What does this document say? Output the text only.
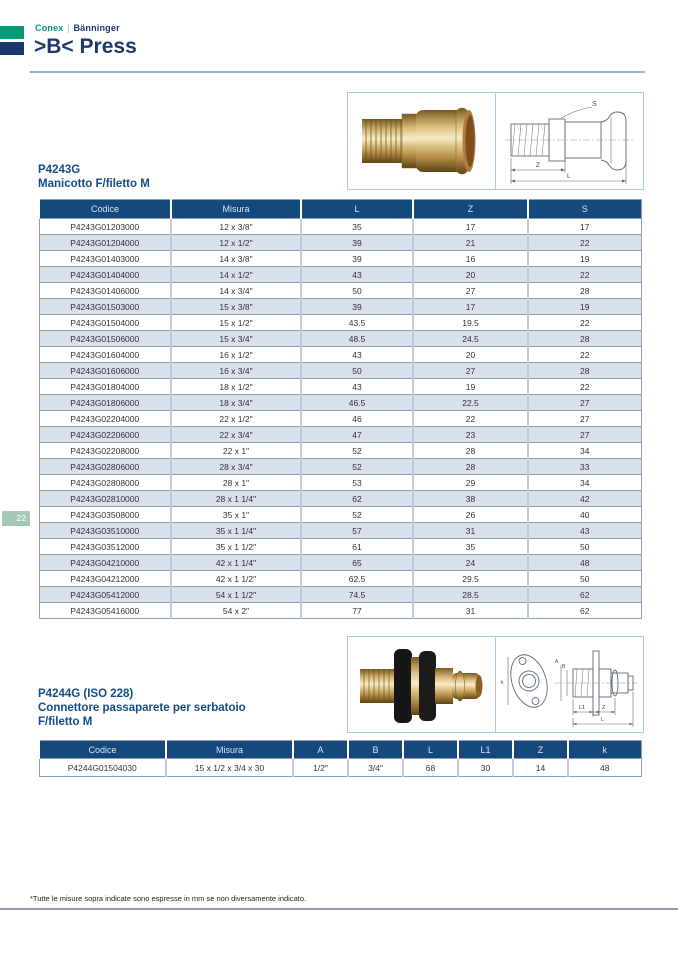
Conex | Bänninger
>B< Press
P4243G
Manicotto F/filetto M
S
Z
L
Codice	Misura	L	Z	S
P4243G01203000	12 x 3/8"	35	17	17
P4243G01204000	12 x 1/2"	39	21	22
P4243G01403000	14 x 3/8"	39	16	19
P4243G01404000	14 x 1/2"	43	20	22
P4243G01406000	14 x 3/4"	50	27	28
P4243G01503000	15 x 3/8"	39	17	19
P4243G01504000	15 x 1/2"	43.5	19.5	22
P4243G01506000	15 x 3/4"	48.5	24.5	28
P4243G01604000	16 x 1/2"	43	20	22
P4243G01606000	16 x 3/4"	50	27	28
P4243G01804000	18 x 1/2"	43	19	22
P4243G01806000	18 x 3/4"	46.5	22.5	27
P4243G02204000	22 x 1/2"	46	22	27
P4243G02206000	22 x 3/4"	47	23	27
P4243G02208000	22 x 1"	52	28	34
P4243G02806000	28 x 3/4"	52	28	33
P4243G02808000	28 x 1"	53	29	34
P4243G02810000	28 x 1 1/4"	62	38	42
P4243G03508000	35 x 1"	52	26	40
P4243G03510000	35 x 1 1/4"	57	31	43
P4243G03512000	35 x 1 1/2"	61	35	50
P4243G04210000	42 x 1 1/4"	65	24	48
P4243G04212000	42 x 1 1/2"	62.5	29.5	50
P4243G05412000	54 x 1 1/2"	74.5	28.5	62
P4243G05416000	54 x 2"	77	31	62
22
P4244G (ISO 228)
Connettore passaparete per serbatoio
F/filetto M
k
A
B
L1	Z
L
Codice	Misura	A	B	L	L1	Z	k
P4244G01504030	15 x 1/2 x 3/4 x 30	1/2"	3/4"	68	30	14	48
*Tutte le misure sopra indicate sono espresse in mm se non diversamente indicato.
